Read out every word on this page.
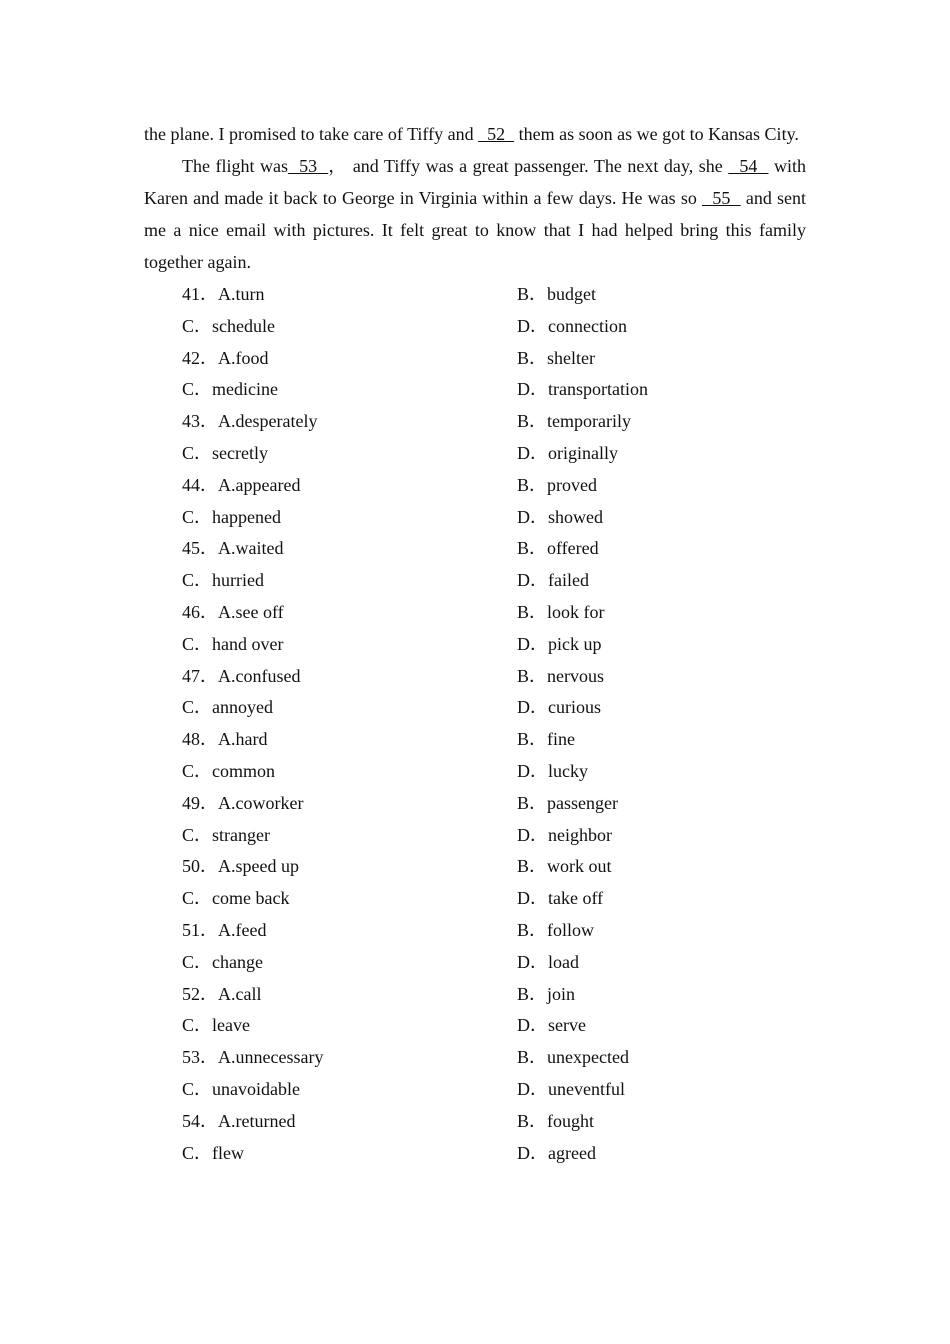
the plane. I promised to take care of Tiffy and   52   them as soon as we got to Kansas City.

The flight was  53  ， and Tiffy was a great passenger. The next day, she   54   with Karen and made it back to George in Virginia within a few days. He was so   55   and sent me a nice email with pictures. It felt great to know that I had helped bring this family together again.

41．A.turn	B．budget
C．schedule	D．connection
42．A.food	B．shelter
C．medicine	D．transportation
43．A.desperately	B．temporarily
C．secretly	D．originally
44．A.appeared	B．proved
C．happened	D．showed
45．A.waited	B．offered
C．hurried	D．failed
46．A.see off	B．look for
C．hand over	D．pick up
47．A.confused	B．nervous
C．annoyed	D．curious
48．A.hard	B．fine
C．common	D．lucky
49．A.coworker	B．passenger
C．stranger	D．neighbor
50．A.speed up	B．work out
C．come back	D．take off
51．A.feed	B．follow
C．change	D．load
52．A.call	B．join
C．leave	D．serve
53．A.unnecessary	B．unexpected
C．unavoidable	D．uneventful
54．A.returned	B．fought
C．flew	D．agreed
